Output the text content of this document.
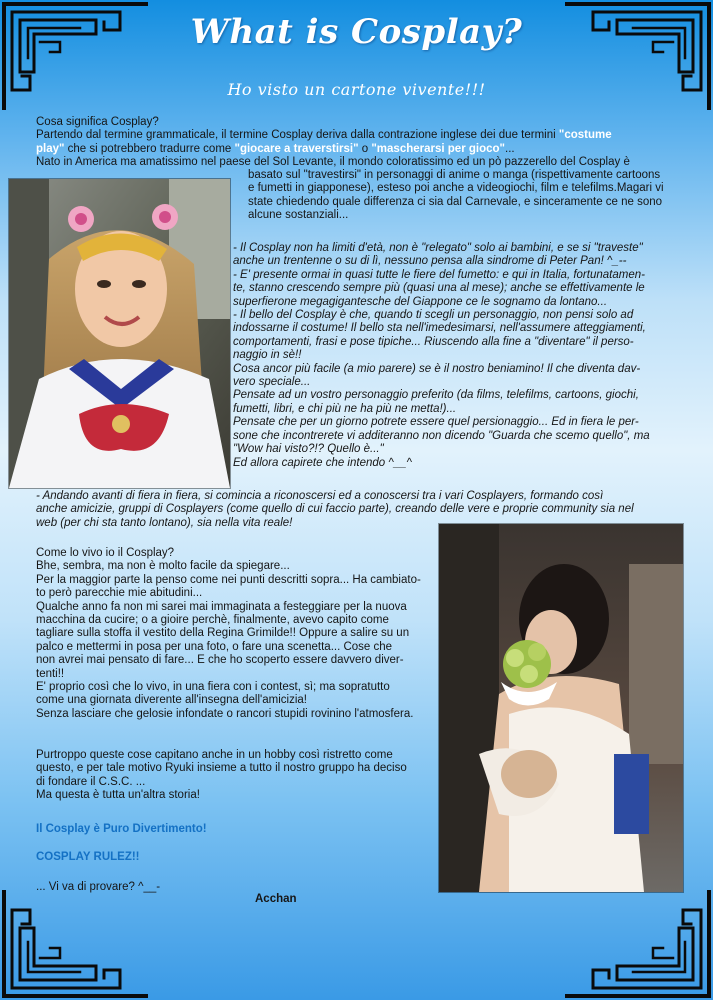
What is Cosplay?
Ho visto un cartone vivente!!!
Cosa significa Cosplay?
Partendo dal termine grammaticale, il termine Cosplay deriva dalla contrazione inglese dei due termini "costume
play" che si potrebbero tradurre come "giocare a traverstirsi" o "mascherarsi per gioco"...
Nato in America ma amatissimo nel paese del Sol Levante, il mondo coloratissimo ed un pò pazzerello del Cosplay è
basato sul "travestirsi" in personaggi di anime o manga (rispettivamente cartoons
e fumetti in giapponese), esteso poi anche a videogiochi, film e telefilms.Magari vi
state chiedendo quale differenza ci sia dal Carnevale, e sinceramente ce ne sono
alcune sostanziali...
- Il Cosplay non ha limiti d'età, non è "relegato" solo ai bambini, e se si "traveste"
anche un trentenne o su di lì, nessuno pensa alla sindrome di Peter Pan! ^_--
- E' presente ormai in quasi tutte le fiere del fumetto: e qui in Italia, fortunatamen-
te, stanno crescendo sempre più (quasi una al mese); anche se effettivamente le
superfierone megagigantesche del Giappone ce le sognamo da lontano...
- Il bello del Cosplay è che, quando ti scegli un personaggio, non pensi solo ad
indossarne il costume! Il bello sta nell'imedesimarsi, nell'assumere atteggiamenti,
comportamenti, frasi e pose tipiche... Riuscendo alla fine a "diventare" il perso-
naggio in sè!!
Cosa ancor più facile (a mio parere) se è il nostro beniamino! Il che diventa dav-
vero speciale...
Pensate ad un vostro personaggio preferito (da films, telefilms, cartoons, giochi,
fumetti, libri, e chi più ne ha più ne metta!)...
Pensate che per un giorno potrete essere quel persionaggio... Ed in fiera le per-
sone che incontrerete vi additeranno non dicendo "Guarda che scemo quello", ma
"Wow hai visto?!? Quello è..."
Ed allora capirete che intendo ^__^
- Andando avanti di fiera in fiera, si comincia a riconoscersi ed a conoscersi tra i vari Cosplayers, formando così
anche amicizie, gruppi di Cosplayers (come quello di cui faccio parte), creando delle vere e proprie community sia nel
web (per chi sta tanto lontano), sia nella vita reale!
Come lo vivo io il Cosplay?
Bhe, sembra, ma non è molto facile da spiegare...
Per la maggior parte la penso come nei punti descritti sopra... Ha cambiato-
to però parecchie mie abitudini...
Qualche anno fa non mi sarei mai immaginata a festeggiare per la nuova
macchina da cucire; o a gioire perchè, finalmente, avevo capito come
tagliare sulla stoffa il vestito della Regina Grimilde!! Oppure a salire su un
palco e mettermi in posa per una foto, o fare una scenetta... Cose che
non avrei mai pensato di fare... E che ho scoperto essere davvero diver-
tenti!!
E' proprio così che lo vivo, in una fiera con i contest, sì; ma sopratutto
come una giornata diverente all'insegna dell'amicizia!
Senza lasciare che gelosie infondate o rancori stupidi rovinino l'atmosfera.
Purtroppo queste cose capitano anche in un hobby così ristretto come
questo, e per tale motivo Ryuki insieme a tutto il nostro gruppo ha deciso
di fondare il C.S.C. ...
Ma questa è tutta un'altra storia!
Il Cosplay è Puro Divertimento!
COSPLAY RULEZ!!
... Vi va di provare? ^__-
Acchan
